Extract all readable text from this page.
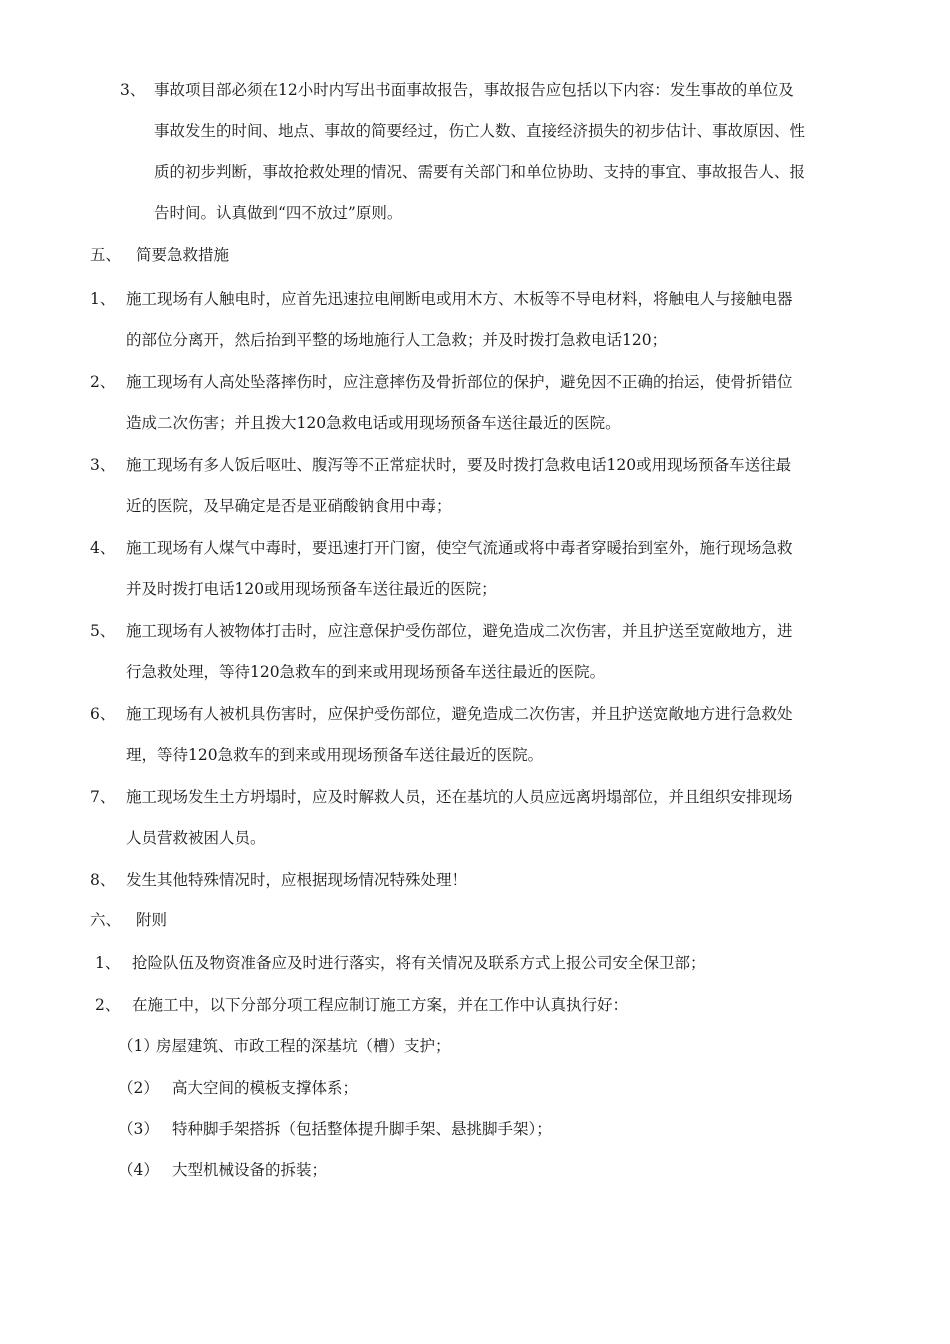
3、 事故项目部必须在12小时内写出书面事故报告，事故报告应包括以下内容：发生事故的单位及
事故发生的时间、地点、事故的简要经过，伤亡人数、直接经济损失的初步估计、事故原因、性
质的初步判断，事故抢救处理的情况、需要有关部门和单位协助、支持的事宜、事故报告人、报
告时间。认真做到“四不放过”原则。
五、 简要急救措施
1、 施工现场有人触电时，应首先迅速拉电闸断电或用木方、木板等不导电材料，将触电人与接触电器
的部位分离开，然后抬到平整的场地施行人工急救；并及时拨打急救电话120；
2、 施工现场有人高处坠落摔伤时，应注意摔伤及骨折部位的保护，避免因不正确的抬运，使骨折错位
造成二次伤害；并且拨大120急救电话或用现场预备车送往最近的医院。
3、 施工现场有多人饭后呕吐、腹泻等不正常症状时，要及时拨打急救电话120或用现场预备车送往最
近的医院，及早确定是否是亚硝酸钠食用中毒；
4、 施工现场有人煤气中毒时，要迅速打开门窗，使空气流通或将中毒者穿暖抬到室外，施行现场急救
并及时拨打电话120或用现场预备车送往最近的医院；
5、 施工现场有人被物体打击时，应注意保护受伤部位，避免造成二次伤害，并且护送至宽敞地方，进
行急救处理，等待120急救车的到来或用现场预备车送往最近的医院。
6、 施工现场有人被机具伤害时，应保护受伤部位，避免造成二次伤害，并且护送宽敞地方进行急救处
理，等待120急救车的到来或用现场预备车送往最近的医院。
7、 施工现场发生土方坍塌时，应及时解救人员，还在基坑的人员应远离坍塌部位，并且组织安排现场
人员营救被困人员。
8、 发生其他特殊情况时，应根据现场情况特殊处理！
六、 附则
1、 抢险队伍及物资准备应及时进行落实，将有关情况及联系方式上报公司安全保卫部；
2、 在施工中，以下分部分项工程应制订施工方案，并在工作中认真执行好：
（1）
房屋建筑、市政工程的深基坑（槽）支护；
（2） 高大空间的模板支撑体系；
（3） 特种脚手架搭拆（包括整体提升脚手架、悬挑脚手架）；
（4） 大型机械设备的拆装；
